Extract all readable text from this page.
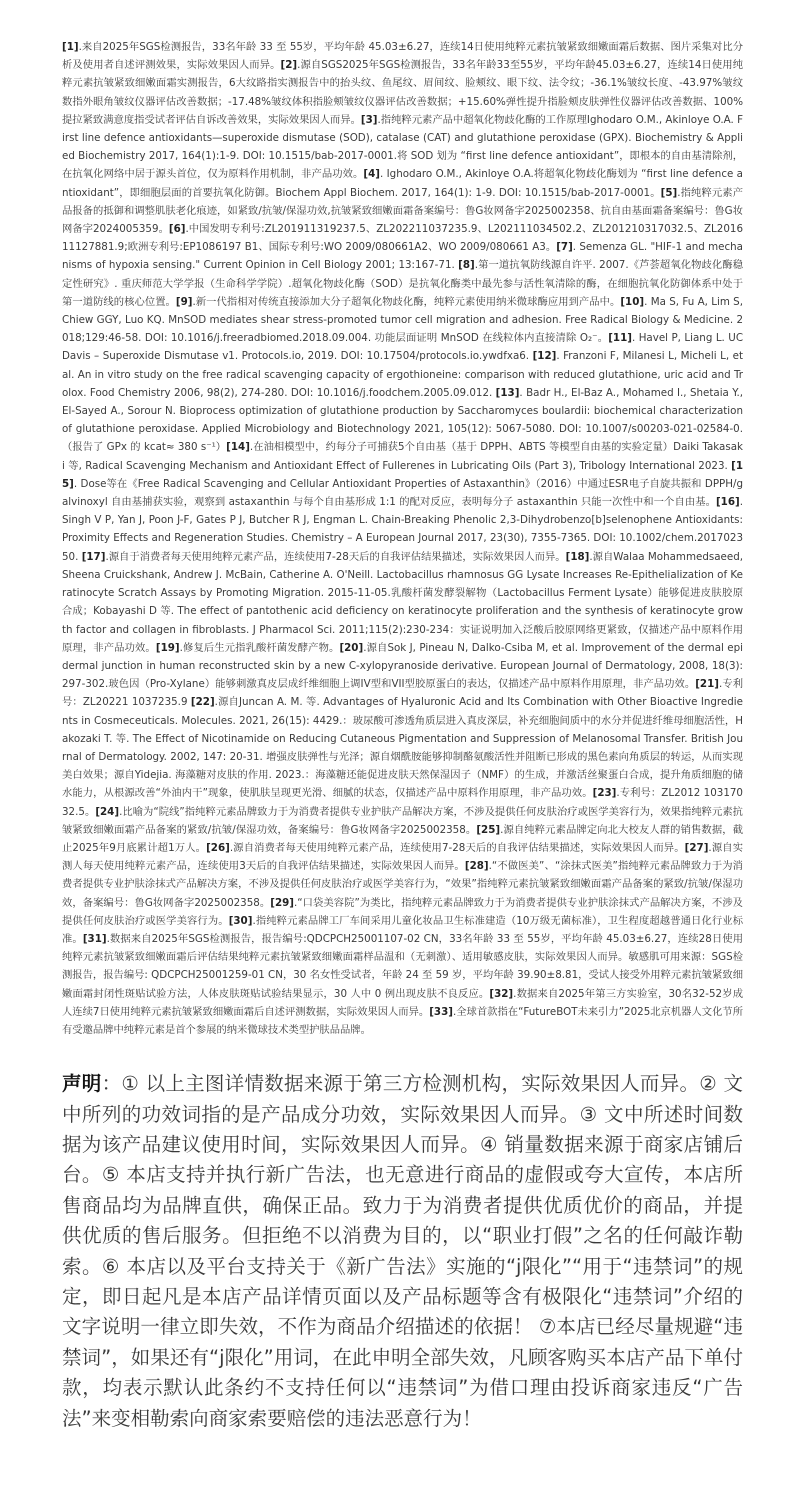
[1].来自2025年SGS检测报告，33名年龄 33 至 55岁，平均年龄 45.03±6.27，连续14日使用纯粹元素抗皱紧致细嫩面霜后数据、图片采集对比分析及使用者自述评测效果，实际效果因人而异。[2].源自SGS2025年SGS检测报告，33名年龄33至55岁，平均年龄45.03±6.27，连续14日使用纯粹元素抗皱紧致细嫩面霜实测报告，6大纹路指实测报告中的抬头纹、鱼尾纹、眉间纹、脸颊纹、眼下纹、法令纹；-36.1%皱纹长度、-43.97%皱纹数指外眼角皱纹仪器评估改善数据；-17.48%皱纹体积指脸颊皱纹仪器评估改善数据；+15.60%弹性提升指脸颊皮肤弹性仪器评估改善数据、100%提拉紧致满意度指受试者评估自诉改善效果，实际效果因人而异。[3].指纯粹元素产品中超氧化物歧化酶的工作原理Ighodaro O.M., Akinloye O.A. First line defence antioxidants—superoxide dismutase (SOD), catalase (CAT) and glutathione peroxidase (GPX). Biochemistry & Applied Biochemistry 2017, 164(1):1-9. DOI: 10.1515/bab-2017-0001.将 SOD 划为 “first line defence antioxidant”，即根本的自由基清除剂，在抗氧化网络中居于源头首位，仅为原料作用机制，非产品功效。[4]. Ighodaro O.M., Akinloye O.A.将超氧化物歧化酶划为 “first line defence antioxidant”，即细胞层面的首要抗氧化防御。Biochem Appl Biochem. 2017, 164(1): 1-9. DOI: 10.1515/bab-2017-0001。[5].指纯粹元素产品报备的抵御和调整肌肤老化痕迹，如紧致/抗皱/保湿功效,抗皱紧致细嫩面霜备案编号：鲁G妆网备字2025002358、抗自由基面霜备案编号：鲁G妆网备字2024005359。[6].中国发明专利号:ZL201911319237.5、ZL202211037235.9、L202111034502.2、ZL201210317032.5、ZL201611127881.9;欧洲专利号:EP1086197 B1、国际专利号:WO 2009/080661A2、WO 2009/080661 A3。[7]. Semenza GL. "HIF-1 and mechanisms of hypoxia sensing." Current Opinion in Cell Biology 2001; 13:167-71. [8].第一道抗氧防线源自许平. 2007.《芦荟超氧化物歧化酶稳定性研究》. 重庆师范大学学报（生命科学学院）.超氧化物歧化酶（SOD）是抗氧化酶类中最先参与活性氧清除的酶，在细胞抗氧化防御体系中处于第一道防线的核心位置。[9].新一代指相对传统直接添加大分子超氧化物歧化酶，纯粹元素使用纳米微球酶应用到产品中。[10]. Ma S, Fu A, Lim S, Chiew GGY, Luo KQ. MnSOD mediates shear stress-promoted tumor cell migration and adhesion. Free Radical Biology & Medicine. 2018;129:46-58. DOI: 10.1016/j.freeradbiomed.2018.09.004. 功能层面证明 MnSOD 在线粒体内直接清除 O₂⁻。[11]. Havel P, Liang L. UC Davis – Superoxide Dismutase v1. Protocols.io, 2019. DOI: 10.17504/protocols.io.ywdfxa6. [12]. Franzoni F, Milanesi L, Micheli L, et al. An in vitro study on the free radical scavenging capacity of ergothioneine: comparison with reduced glutathione, uric acid and Trolox. Food Chemistry 2006, 98(2), 274-280. DOI: 10.1016/j.foodchem.2005.09.012. [13]. Badr H., El-Baz A., Mohamed I., Shetaia Y., El-Sayed A., Sorour N. Bioprocess optimization of glutathione production by Saccharomyces boulardii: biochemical characterization of glutathione peroxidase. Applied Microbiology and Biotechnology 2021, 105(12): 5067-5080. DOI: 10.1007/s00203-021-02584-0.（报告了 GPx 的 kcat≈ 380 s⁻¹）[14].在油相模型中，约每分子可捕获5个自由基（基于 DPPH、ABTS 等模型自由基的实验定量）Daiki Takasaki 等, Radical Scavenging Mechanism and Antioxidant Effect of Fullerenes in Lubricating Oils (Part 3), Tribology International 2023. [15]. Dose等在《Free Radical Scavenging and Cellular Antioxidant Properties of Astaxanthin》（2016）中通过ESR电子自旋共振和 DPPH/galvinoxyl 自由基捕获实验，观察到 astaxanthin 与每个自由基形成 1:1 的配对反应，表明每分子 astaxanthin 只能一次性中和一个自由基。[16]. Singh V P, Yan J, Poon J-F, Gates P J, Butcher R J, Engman L. Chain-Breaking Phenolic 2,3-Dihydrobenzo[b]selenophene Antioxidants: Proximity Effects and Regeneration Studies. Chemistry – A European Journal 2017, 23(30), 7355-7365. DOI: 10.1002/chem.201702350. [17].源自于消费者每天使用纯粹元素产品，连续使用7-28天后的自我评估结果描述，实际效果因人而异。[18].源自Walaa Mohammedsaeed, Sheena Cruickshank, Andrew J. McBain, Catherine A. O'Neill. Lactobacillus rhamnosus GG Lysate Increases Re-Epithelialization of Keratinocyte Scratch Assays by Promoting Migration. 2015-11-05.乳酸杆菌发酵裂解物（Lactobacillus Ferment Lysate）能够促进皮肤胶原合成；Kobayashi D 等. The effect of pantothenic acid deficiency on keratinocyte proliferation and the synthesis of keratinocyte growth factor and collagen in fibroblasts. J Pharmacol Sci. 2011;115(2):230-234：实证说明加入泛酸后胶原网络更紧致，仅描述产品中原料作用原理，非产品功效。[19].修复后生元指乳酸杆菌发酵产物。[20].源自Sok J, Pineau N, Dalko-Csiba M, et al. Improvement of the dermal epidermal junction in human reconstructed skin by a new C-xylopyranoside derivative. European Journal of Dermatology, 2008, 18(3): 297-302.玻色因（Pro-Xylane）能够刺激真皮层成纤维细胞上调IV型和VII型胶原蛋白的表达，仅描述产品中原料作用原理，非产品功效。[21].专利号：ZL20221 1037235.9 [22].源自Juncan A. M. 等. Advantages of Hyaluronic Acid and Its Combination with Other Bioactive Ingredients in Cosmeceuticals. Molecules. 2021, 26(15): 4429.：玻尿酸可渗透角质层进入真皮深层，补充细胞间质中的水分并促进纤维母细胞活性，Hakozaki T. 等. The Effect of Nicotinamide on Reducing Cutaneous Pigmentation and Suppression of Melanosomal Transfer. British Journal of Dermatology. 2002, 147: 20-31. 增强皮肤弹性与光泽；源自烟酰胺能够抑制酪氨酸活性并阻断已形成的黑色素向角质层的转运，从而实现美白效果；源自Yidejia. 海藻糖对皮肤的作用. 2023.：海藻糖还能促进皮肤天然保湿因子（NMF）的生成，并激活丝聚蛋白合成，提升角质细胞的储水能力，从根源改善“外油内干”现象，使肌肤呈现更光滑、细腻的状态，仅描述产品中原料作用原理，非产品功效。[23].专利号：ZL2012 10317032.5。[24].比喻为“院线”指纯粹元素品牌致力于为消费者提供专业护肤产品解决方案，不涉及提供任何皮肤治疗或医学美容行为，效果指纯粹元素抗皱紧致细嫩面霜产品备案的紧致/抗皱/保湿功效，备案编号：鲁G妆网备字2025002358。[25].源自纯粹元素品牌定向北大校友人群的销售数据，截止2025年9月底累计超1万人。[26].源自消费者每天使用纯粹元素产品，连续使用7-28天后的自我评估结果描述，实际效果因人而异。[27].源自实测人每天使用纯粹元素产品，连续使用3天后的自我评估结果描述，实际效果因人而异。[28].“不做医美”、“涂抹式医美”指纯粹元素品牌致力于为消费者提供专业护肤涂抹式产品解决方案，不涉及提供任何皮肤治疗或医学美容行为，“效果”指纯粹元素抗皱紧致细嫩面霜产品备案的紧致/抗皱/保湿功效，备案编号：鲁G妆网备字2025002358。[29].“口袋美容院”为类比，指纯粹元素品牌致力于为消费者提供专业护肤涂抹式产品解决方案，不涉及提供任何皮肤治疗或医学美容行为。[30].指纯粹元素品牌工厂车间采用儿童化妆品卫生标准建造（10万级无菌标准），卫生程度超越普通日化行业标准。[31].数据来自2025年SGS检测报告，报告编号:QDCPCH25001107-02 CN，33名年龄 33 至 55岁，平均年龄 45.03±6.27，连续28日使用纯粹元素抗皱紧致细嫩面霜后评估结果纯粹元素抗皱紧致细嫩面霜样品温和（无刺激）、适用敏感皮肤，实际效果因人而异。敏感肌可用来源：SGS检测报告，报告编号: QDCPCH25001259-01 CN，30 名女性受试者，年龄 24 至 59 岁，平均年龄 39.90±8.81，受试人接受外用粹元素抗皱紧致细嫩面霜封闭性斑贴试验方法，人体皮肤斑贴试验结果显示，30 人中 0 例出现皮肤不良反应。[32].数据来自2025年第三方实验室，30名32-52岁成人连续7日使用纯粹元素抗皱紧致细嫩面霜后自述评测数据，实际效果因人而异。[33].全球首款指在“FutureBOT未来引力”2025北京机器人文化节所有受邀品牌中纯粹元素是首个参展的纳米微球技术类型护肤品品牌。
声明：① 以上主图详情数据来源于第三方检测机构，实际效果因人而异。② 文中所列的功效词指的是产品成分功效，实际效果因人而异。③ 文中所述时间数据为该产品建议使用时间，实际效果因人而异。④ 销量数据来源于商家店铺后台。⑤ 本店支持并执行新广告法，也无意进行商品的虚假或夸大宣传，本店所售商品均为品牌直供，确保正品。致力于为消费者提供优质优价的商品，并提供优质的售后服务。但拒绝不以消费为目的，以“职业打假”之名的任何敲诈勒索。⑥ 本店以及平台支持关于《新广告法》实施的“j限化”“用于“违禁词”的规定，即日起凡是本店产品详情页面以及产品标题等含有极限化“违禁词”介绍的文字说明一律立即失效，不作为商品介绍描述的依据！ ⑦本店已经尽量规避“违禁词”，如果还有“j限化”用词，在此申明全部失效，凡顾客购买本店产品下单付款，均表示默认此条约不支持任何以“违禁词”为借口理由投诉商家违反“广告法”来变相勒索向商家索要赔偿的违法恶意行为！
